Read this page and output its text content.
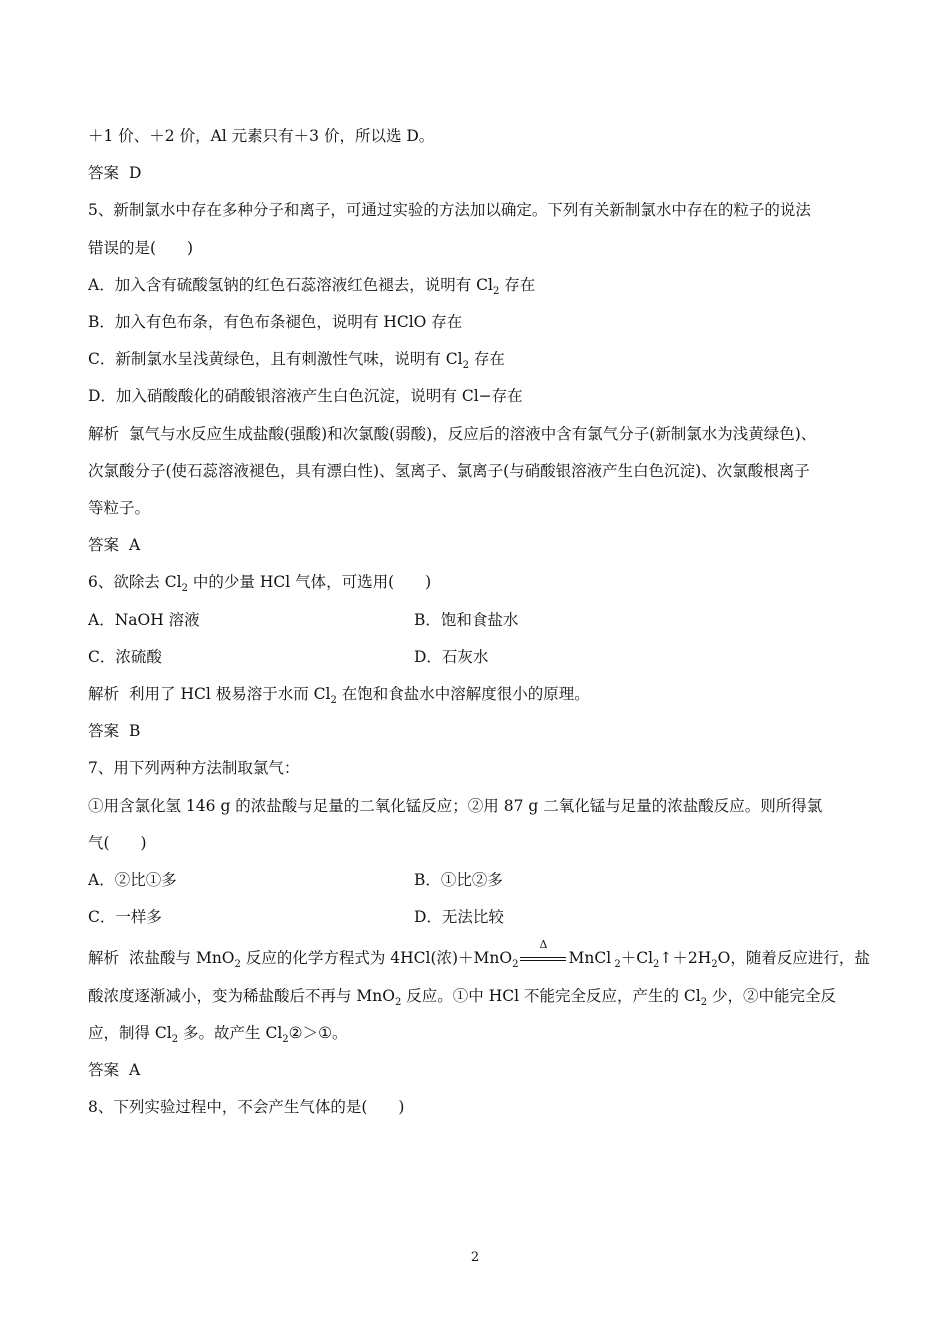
＋1 价、＋2 价，Al 元素只有＋3 价，所以选 D。
答案 D
5、新制氯水中存在多种分子和离子，可通过实验的方法加以确定。下列有关新制氯水中存在的粒子的说法
错误的是(　　)
A．加入含有硫酸氢钠的红色石蕊溶液红色褪去，说明有 $Cl_2$ 存在
B．加入有色布条，有色布条褪色，说明有 HClO 存在
C．新制氯水呈浅黄绿色，且有刺激性气味，说明有 $Cl_2$ 存在
D．加入硝酸酸化的硝酸银溶液产生白色沉淀，说明有 Cl−存在
解析 氯气与水反应生成盐酸(强酸)和次氯酸(弱酸)，反应后的溶液中含有氯气分子(新制氯水为浅黄绿色)、
次氯酸分子(使石蕊溶液褪色，具有漂白性)、氢离子、氯离子(与硝酸银溶液产生白色沉淀)、次氯酸根离子
等粒子。
答案 A
6、欲除去 $Cl_2$ 中的少量 HCl 气体，可选用(　　)
A．NaOH 溶液	B．饱和食盐水
C．浓硫酸	D．石灰水
解析 利用了 HCl 极易溶于水而 $Cl_2$ 在饱和食盐水中溶解度很小的原理。
答案 B
7、用下列两种方法制取氯气：
①用含氯化氢 146 g 的浓盐酸与足量的二氧化锰反应；②用 87 g 二氧化锰与足量的浓盐酸反应。则所得氯
气(　　)
A．②比①多	B．①比②多
C．一样多	D．无法比较
解析 浓盐酸与 MnO$_2$ 反应的化学方程式为 4HCl(浓)＋MnO$_2$
Δ
MnCl $_2+Cl_2↑+2H_2O$，随着反应进行，盐
酸浓度逐渐减小，变为稀盐酸后不再与 MnO$_2$ 反应。①中 HCl 不能完全反应，产生的 $Cl_2$ 少，②中能完全反
应，制得 $Cl_2$ 多。故产生 $Cl_2②>①$。
答案 A
8、下列实验过程中，不会产生气体的是(　　)
2
